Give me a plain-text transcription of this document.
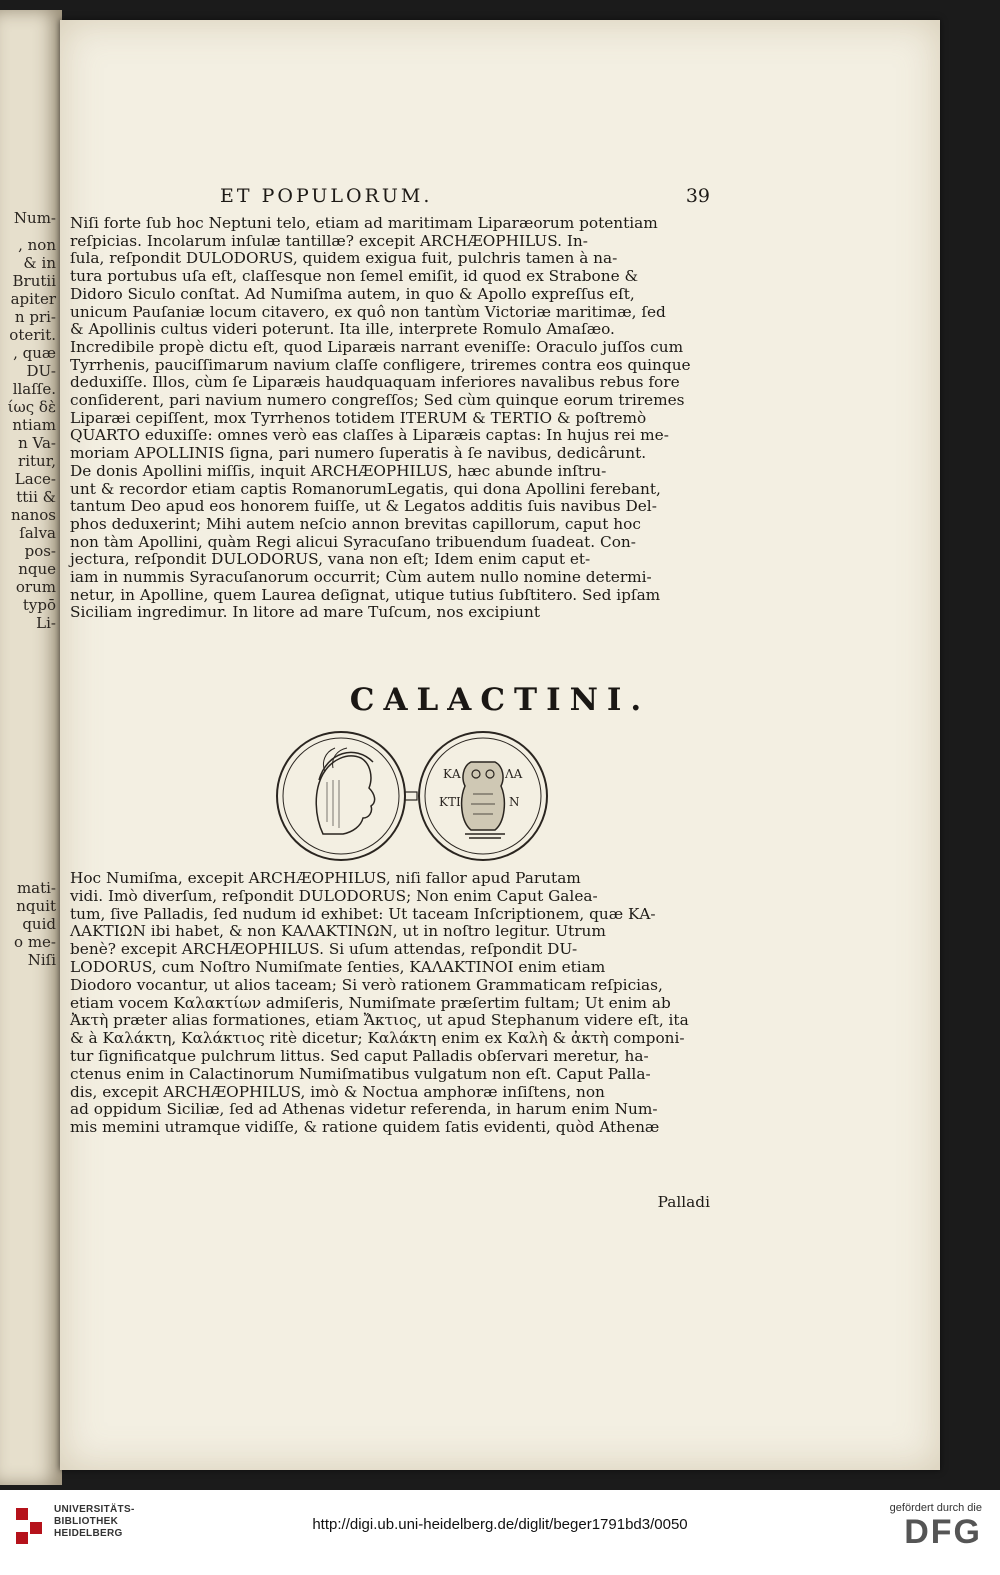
Num-
, non
& in
Brutii
apiter
n pri-
oterit.
, quæ
DU-
llaſſe.
ίως δὲ
ntiam
n Va-
ritur,
Lace-
ttii &
nanos
ſalva
pos-
nque
orum
typō
Li-
mati-
nquit
quid
o me-
Niſi
ET POPULORUM.	39
Niſi forte ſub hoc Neptuni telo, etiam ad maritimam Liparæorum potentiam
reſpicias. Incolarum inſulæ tantillæ? excepit ARCHÆOPHILUS. In-
ſula, reſpondit DULODORUS, quidem exigua fuit, pulchris tamen à na-
tura portubus uſa eſt, claſſesque non ſemel emiſit, id quod ex Strabone &
Didoro Siculo conſtat. Ad Numiſma autem, in quo & Apollo expreſſus eſt,
unicum Pauſaniæ locum citavero, ex quô non tantùm Victoriæ maritimæ, ſed
& Apollinis cultus videri poterunt. Ita ille, interprete Romulo Amaſæo.
Incredibile propè dictu eſt, quod Liparæis narrant eveniſſe: Oraculo juſſos cum
Tyrrhenis, pauciſſimarum navium claſſe confligere, triremes contra eos quinque
deduxiſſe. Illos, cùm ſe Liparæis haudquaquam inferiores navalibus rebus fore
conſiderent, pari navium numero congreſſos; Sed cùm quinque eorum triremes
Liparæi cepiſſent, mox Tyrrhenos totidem ITERUM & TERTIO & poſtremò
QUARTO eduxiſſe: omnes verò eas claſſes à Liparæis captas: In hujus rei me-
moriam APOLLINIS ſigna, pari numero ſuperatis à ſe navibus, dedicârunt.
De donis Apollini miſſis, inquit ARCHÆOPHILUS, hæc abunde inſtru-
unt & recordor etiam captis RomanorumLegatis, qui dona Apollini ferebant,
tantum Deo apud eos honorem fuiſſe, ut & Legatos additis ſuis navibus Del-
phos deduxerint; Mihi autem neſcio annon brevitas capillorum, caput hoc
non tàm Apollini, quàm Regi alicui Syracuſano tribuendum ſuadeat. Con-
jectura, reſpondit DULODORUS, vana non eſt; Idem enim caput et-
iam in nummis Syracuſanorum occurrit; Cùm autem nullo nomine determi-
netur, in Apolline, quem Laurea deſignat, utique tutius ſubſtitero. Sed ipſam
Siciliam ingredimur. In litore ad mare Tuſcum, nos excipiunt
CALACTINI.
ΚΑ	ΛΑ
ΚΤΙ	Ν
Hoc Numiſma, excepit ARCHÆOPHILUS, niſi fallor apud Parutam
vidi. Imò diverſum, reſpondit DULODORUS; Non enim Caput Galea-
tum, ſive Palladis, ſed nudum id exhibet: Ut taceam Inſcriptionem, quæ ΚΑ-
ΛΑΚΤΙΩΝ ibi habet, & non ΚΑΛΑΚΤΙΝΩΝ, ut in noſtro legitur. Utrum
benè? excepit ARCHÆOPHILUS. Si uſum attendas, reſpondit DU-
LODORUS, cum Noſtro Numiſmate ſenties, ΚΑΛΑΚΤΙΝΟΙ enim etiam
Diodoro vocantur, ut alios taceam; Si verò rationem Grammaticam reſpicias,
etiam vocem Καλακτίων admiſeris, Numiſmate præſertim fultam; Ut enim ab
Ἀκτὴ præter alias formationes, etiam Ἄκτιος, ut apud Stephanum videre eſt, ita
& à Καλάκτη, Καλάκτιος ritè dicetur; Καλάκτη enim ex Καλὴ & ἀκτὴ componi-
tur ſignificatque pulchrum littus. Sed caput Palladis obſervari meretur, ha-
ctenus enim in Calactinorum Numiſmatibus vulgatum non eſt. Caput Palla-
dis, excepit ARCHÆOPHILUS, imò & Noctua amphoræ inſiſtens, non
ad oppidum Siciliæ, ſed ad Athenas videtur referenda, in harum enim Num-
mis memini utramque vidiſſe, & ratione quidem ſatis evidenti, quòd Athenæ
Palladi
UNIVERSITÄTS-
BIBLIOTHEK
HEIDELBERG
http://digi.ub.uni-heidelberg.de/diglit/beger1791bd3/0050
gefördert durch die
DFG
